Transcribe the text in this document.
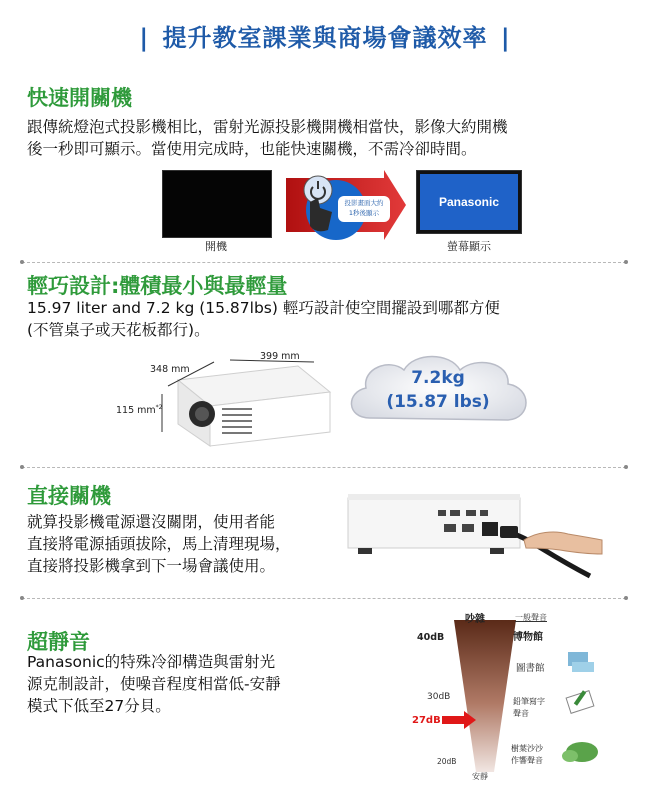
| 提升教室課業與商場會議效率 |
快速開關機
跟傳統燈泡式投影機相比，雷射光源投影機開機相當快，影像大約開機
後一秒即可顯示。當使用完成時，也能快速關機，不需冷卻時間。
開機
投影畫面大約
1秒後顯示
Panasonic
螢幕顯示
輕巧設計:體積最小與最輕量
15.97 liter and 7.2 kg (15.87lbs) 輕巧設計使空間擺設到哪都方便
(不管桌子或天花板都行)。
348 mm
399 mm
115 $mm^{*2}$
7.2kg
(15.87 lbs)
直接關機
就算投影機電源還沒關閉，使用者能
直接將電源插頭拔除，馬上清理現場，
直接將投影機拿到下一場會議使用。
超靜音
Panasonic的特殊冷卻構造與雷射光
源克制設計，使噪音程度相當低-安靜
模式下低至27分貝。
吵雜	一般聲音
博物館
40dB
圖書館
30dB
27dB
鉛筆寫字
聲音
20dB
樹葉沙沙
作響聲音
安靜
